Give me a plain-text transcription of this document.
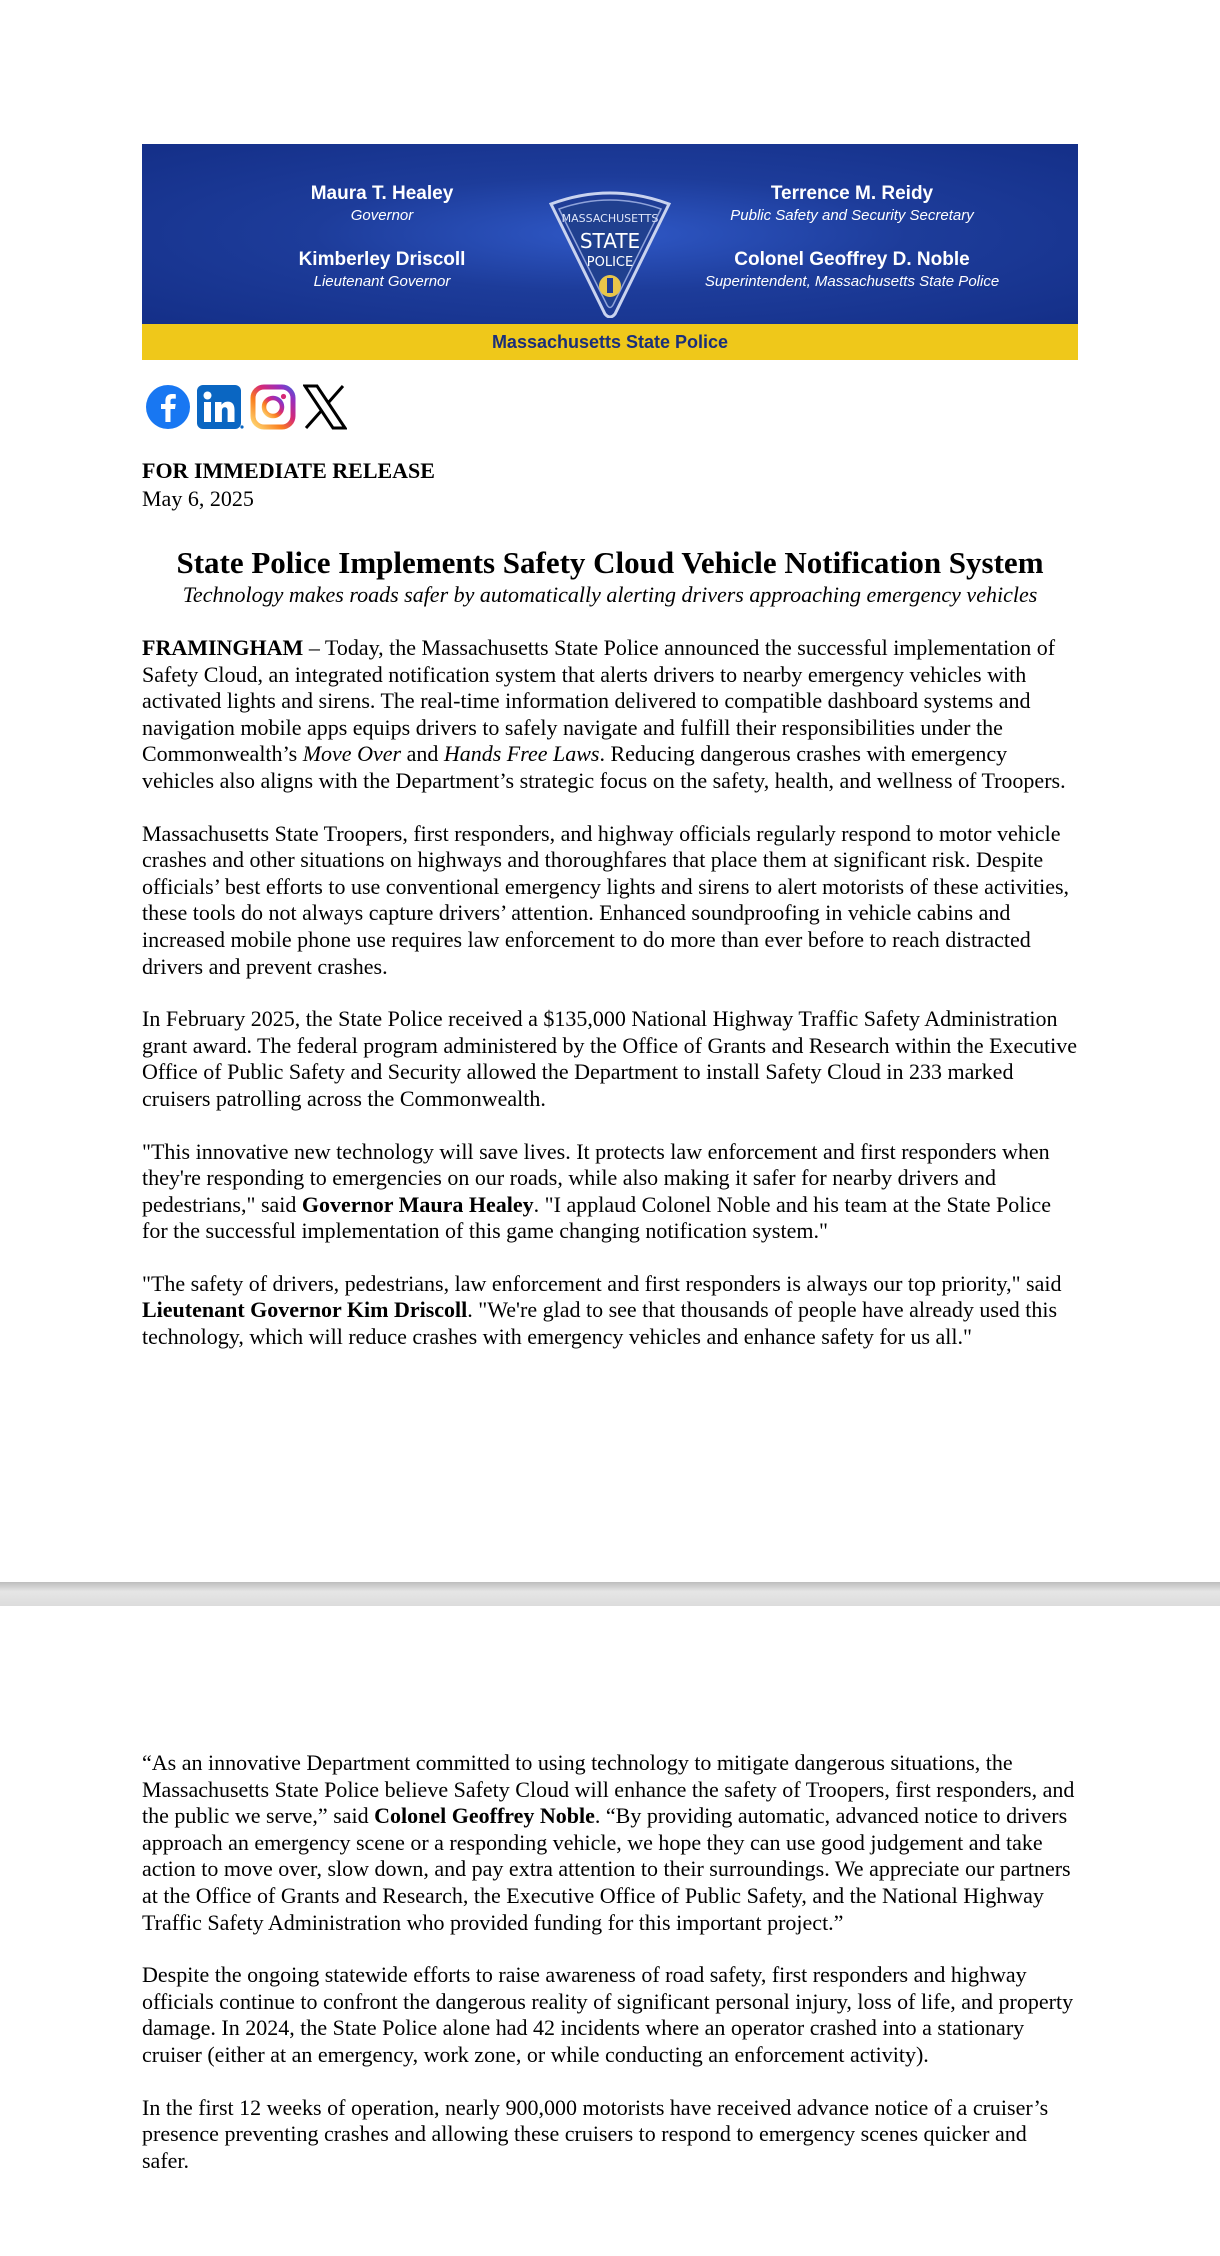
Maura T. Healey
Governor
Kimberley Driscoll
Lieutenant Governor
Terrence M. Reidy
Public Safety and Security Secretary
Colonel Geoffrey D. Noble
Superintendent, Massachusetts State Police
MASSACHUSETTS
STATE
POLICE
Massachusetts State Police
FOR IMMEDIATE RELEASE
May 6, 2025
State Police Implements Safety Cloud Vehicle Notification System
Technology makes roads safer by automatically alerting drivers approaching emergency vehicles

FRAMINGHAM – Today, the Massachusetts State Police announced the successful implementation of Safety Cloud, an integrated notification system that alerts drivers to nearby emergency vehicles with activated lights and sirens. The real-time information delivered to compatible dashboard systems and navigation mobile apps equips drivers to safely navigate and fulfill their responsibilities under the Commonwealth’s Move Over and Hands Free Laws. Reducing dangerous crashes with emergency vehicles also aligns with the Department’s strategic focus on the safety, health, and wellness of Troopers.

Massachusetts State Troopers, first responders, and highway officials regularly respond to motor vehicle crashes and other situations on highways and thoroughfares that place them at significant risk. Despite officials’ best efforts to use conventional emergency lights and sirens to alert motorists of these activities, these tools do not always capture drivers’ attention. Enhanced soundproofing in vehicle cabins and increased mobile phone use requires law enforcement to do more than ever before to reach distracted drivers and prevent crashes.

In February 2025, the State Police received a $135,000 National Highway Traffic Safety Administration grant award. The federal program administered by the Office of Grants and Research within the Executive Office of Public Safety and Security allowed the Department to install Safety Cloud in 233 marked cruisers patrolling across the Commonwealth.

"This innovative new technology will save lives. It protects law enforcement and first responders when they're responding to emergencies on our roads, while also making it safer for nearby drivers and pedestrians," said Governor Maura Healey. "I applaud Colonel Noble and his team at the State Police for the successful implementation of this game changing notification system."

"The safety of drivers, pedestrians, law enforcement and first responders is always our top priority," said Lieutenant Governor Kim Driscoll. "We're glad to see that thousands of people have already used this technology, which will reduce crashes with emergency vehicles and enhance safety for us all."

“As an innovative Department committed to using technology to mitigate dangerous situations, the Massachusetts State Police believe Safety Cloud will enhance the safety of Troopers, first responders, and the public we serve,” said Colonel Geoffrey Noble. “By providing automatic, advanced notice to drivers approach an emergency scene or a responding vehicle, we hope they can use good judgement and take action to move over, slow down, and pay extra attention to their surroundings. We appreciate our partners at the Office of Grants and Research, the Executive Office of Public Safety, and the National Highway Traffic Safety Administration who provided funding for this important project.”

Despite the ongoing statewide efforts to raise awareness of road safety, first responders and highway officials continue to confront the dangerous reality of significant personal injury, loss of life, and property damage. In 2024, the State Police alone had 42 incidents where an operator crashed into a stationary cruiser (either at an emergency, work zone, or while conducting an enforcement activity).

In the first 12 weeks of operation, nearly 900,000 motorists have received advance notice of a cruiser’s presence preventing crashes and allowing these cruisers to respond to emergency scenes quicker and safer.
